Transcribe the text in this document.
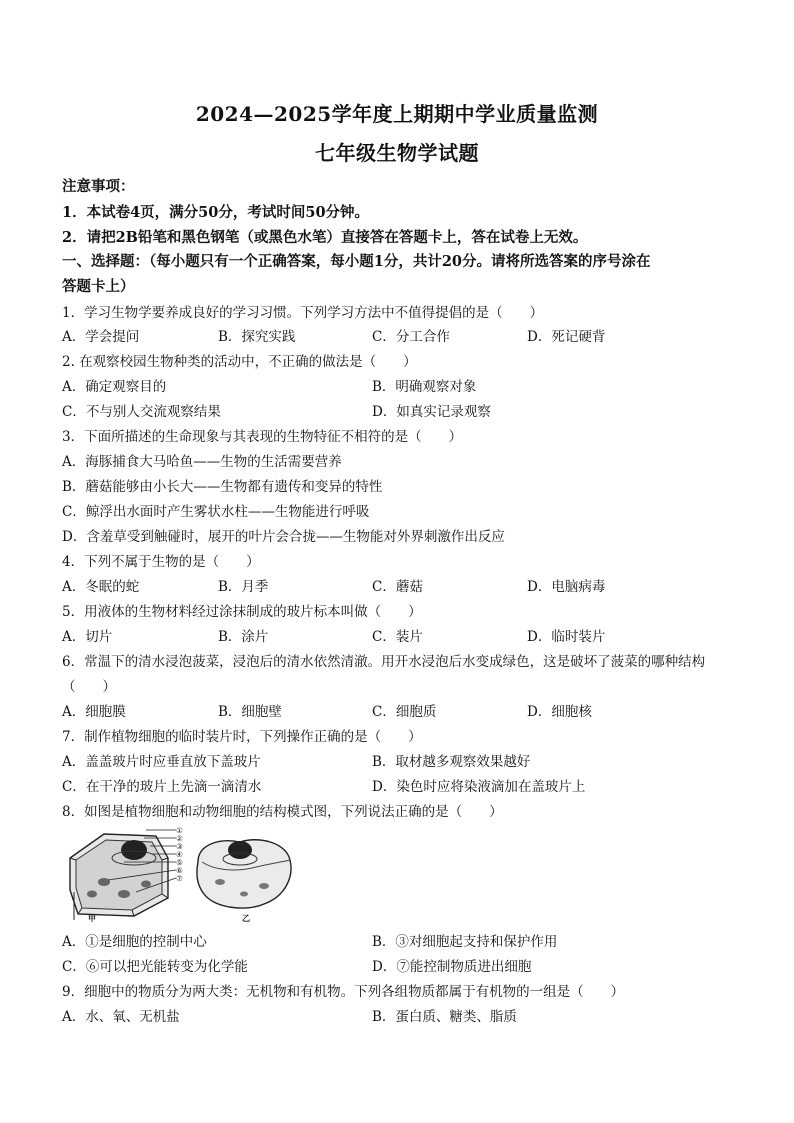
2024—2025学年度上期期中学业质量监测
七年级生物学试题
注意事项：
1．本试卷4页，满分50分，考试时间50分钟。
2．请把2B铅笔和黑色钢笔（或黑色水笔）直接答在答题卡上，答在试卷上无效。
一、选择题：（每小题只有一个正确答案，每小题1分，共计20分。请将所选答案的序号涂在
答题卡上）
1．学习生物学要养成良好的学习习惯。下列学习方法中不值得提倡的是（　　）
A．学会提问	B．探究实践	C．分工合作	D．死记硬背
2. 在观察校园生物种类的活动中，不正确的做法是（　　）
A．确定观察目的	B．明确观察对象
C．不与别人交流观察结果	D．如真实记录观察
3．下面所描述的生命现象与其表现的生物特征不相符的是（　　）
A．海豚捕食大马哈鱼——生物的生活需要营养
B．蘑菇能够由小长大——生物都有遗传和变异的特性
C．鲸浮出水面时产生雾状水柱——生物能进行呼吸
D．含羞草受到触碰时，展开的叶片会合拢——生物能对外界刺激作出反应
4．下列不属于生物的是（　　）
A．冬眠的蛇	B．月季	C．蘑菇	D．电脑病毒
5．用液体的生物材料经过涂抹制成的玻片标本叫做（　　）
A．切片	B．涂片	C．装片	D．临时装片
6．常温下的清水浸泡菠菜，浸泡后的清水依然清澈。用开水浸泡后水变成绿色，这是破坏了菠菜的哪种结构
（　　）
A．细胞膜	B．细胞壁	C．细胞质	D．细胞核
7．制作植物细胞的临时装片时，下列操作正确的是（　　）
A．盖盖玻片时应垂直放下盖玻片	B．取材越多观察效果越好
C．在干净的玻片上先滴一滴清水	D．染色时应将染液滴加在盖玻片上
8．如图是植物细胞和动物细胞的结构模式图，下列说法正确的是（　　）
①
②
③
④
⑤
⑥
⑦
甲	乙
A．①是细胞的控制中心	B．③对细胞起支持和保护作用
C．⑥可以把光能转变为化学能	D．⑦能控制物质进出细胞
9．细胞中的物质分为两大类：无机物和有机物。下列各组物质都属于有机物的一组是（　　）
A．水、氧、无机盐	B．蛋白质、糖类、脂质
